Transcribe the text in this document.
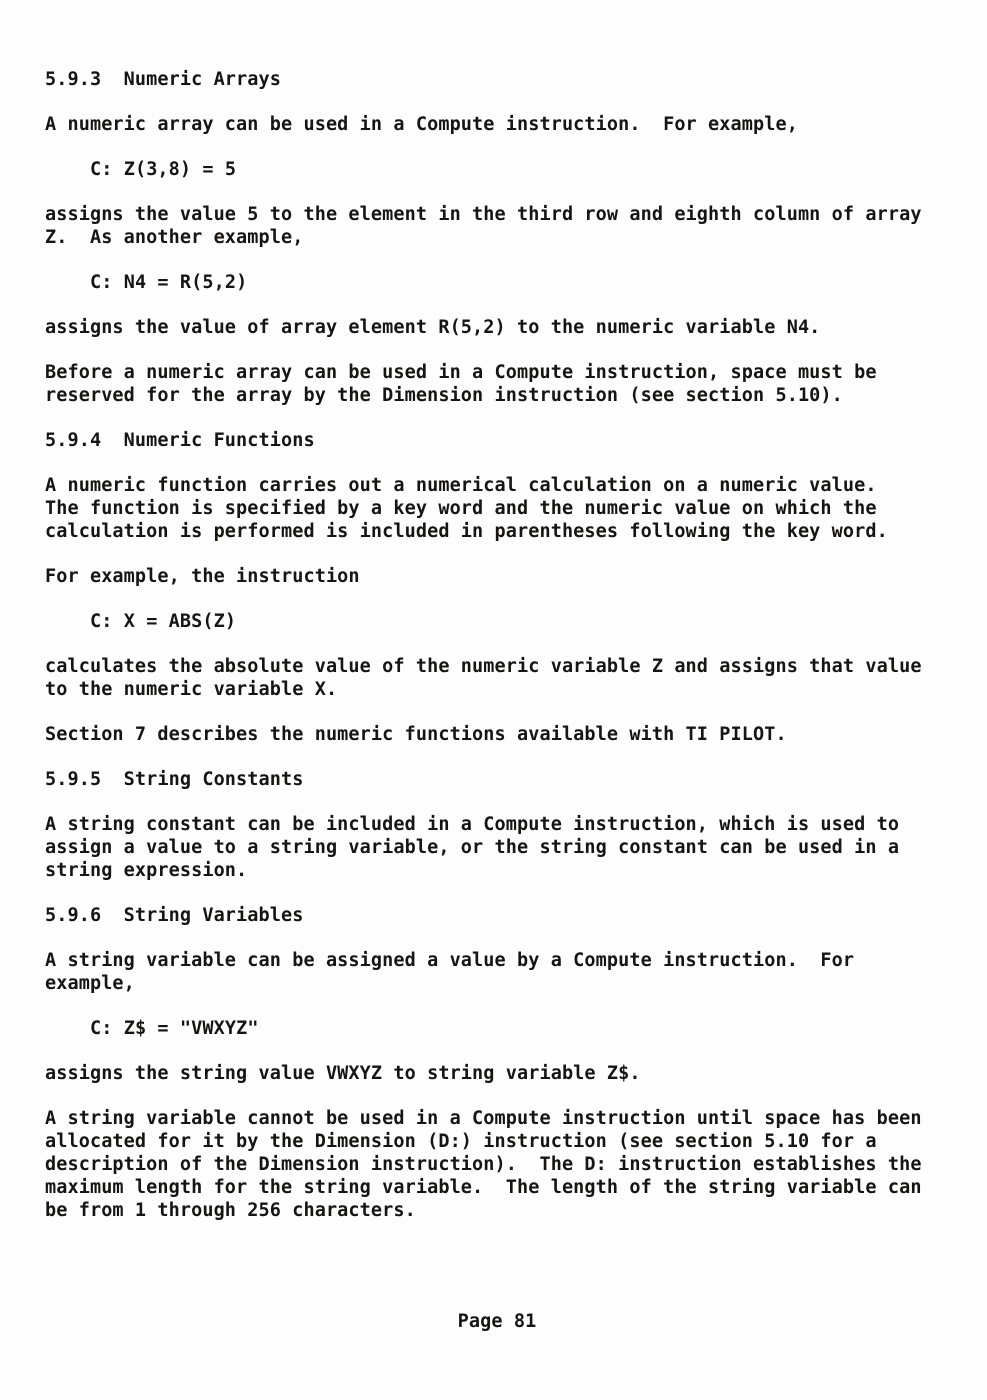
5.9.3  Numeric Arrays
A numeric array can be used in a Compute instruction.  For example,
C: Z(3,8) = 5
assigns the value 5 to the element in the third row and eighth column of array
Z.  As another example,
C: N4 = R(5,2)
assigns the value of array element R(5,2) to the numeric variable N4.
Before a numeric array can be used in a Compute instruction, space must be
reserved for the array by the Dimension instruction (see section 5.10).
5.9.4  Numeric Functions
A numeric function carries out a numerical calculation on a numeric value.
The function is specified by a key word and the numeric value on which the
calculation is performed is included in parentheses following the key word.
For example, the instruction
C: X = ABS(Z)
calculates the absolute value of the numeric variable Z and assigns that value
to the numeric variable X.
Section 7 describes the numeric functions available with TI PILOT.
5.9.5  String Constants
A string constant can be included in a Compute instruction, which is used to
assign a value to a string variable, or the string constant can be used in a
string expression.
5.9.6  String Variables
A string variable can be assigned a value by a Compute instruction.  For
example,
C: Z$ = "VWXYZ"
assigns the string value VWXYZ to string variable Z$.
A string variable cannot be used in a Compute instruction until space has been
allocated for it by the Dimension (D:) instruction (see section 5.10 for a
description of the Dimension instruction).  The D: instruction establishes the
maximum length for the string variable.  The length of the string variable can
be from 1 through 256 characters.
Page 81
